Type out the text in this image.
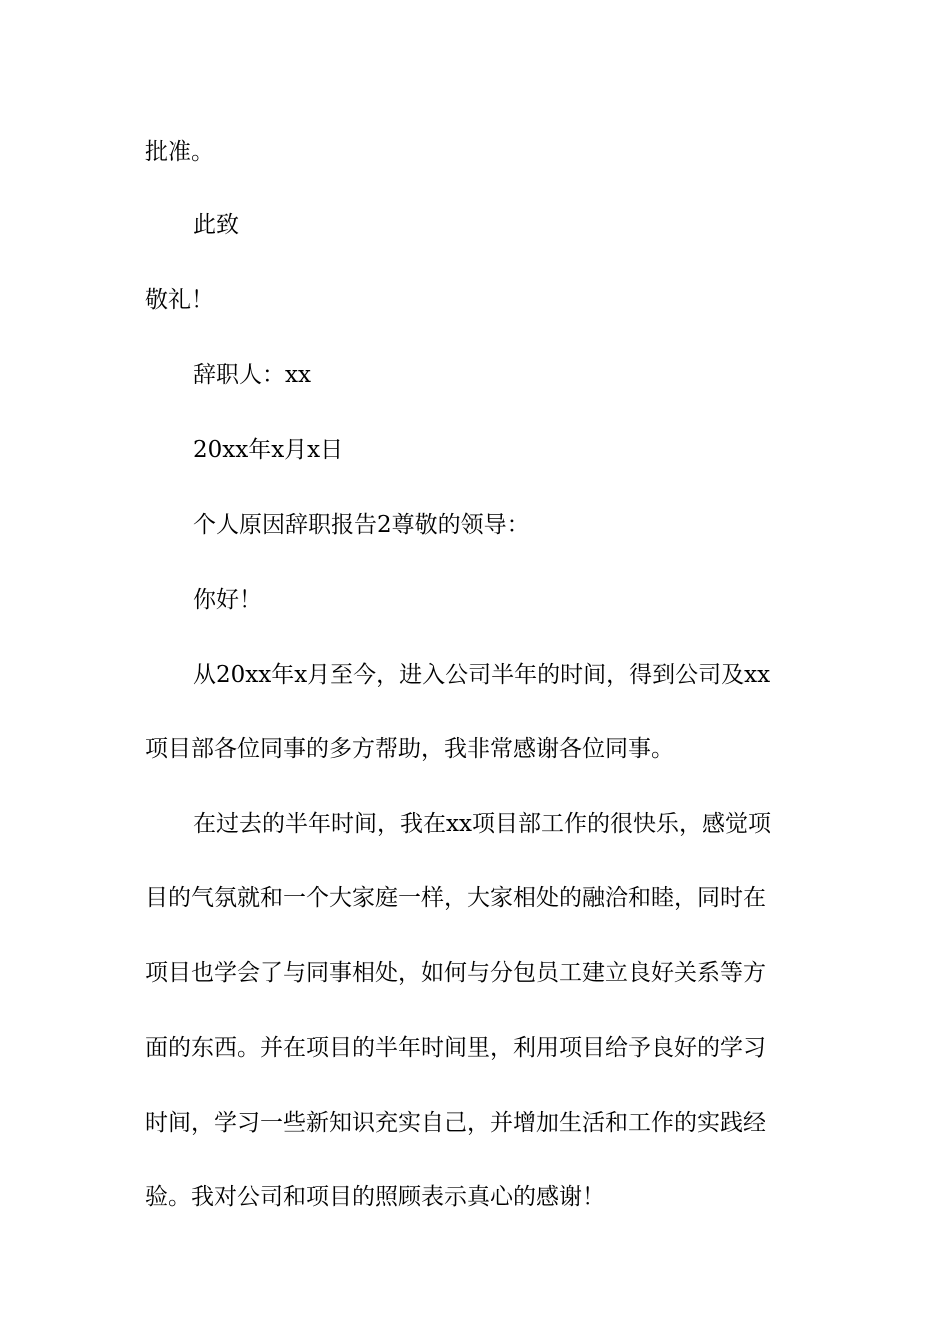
批准。
此致
敬礼！
辞职人：xx
20xx年x月x日
个人原因辞职报告2尊敬的领导：
你好！
从20xx年x月至今，进入公司半年的时间，得到公司及xx
项目部各位同事的多方帮助，我非常感谢各位同事。
在过去的半年时间，我在xx项目部工作的很快乐，感觉项
目的气氛就和一个大家庭一样，大家相处的融洽和睦，同时在
项目也学会了与同事相处，如何与分包员工建立良好关系等方
面的东西。并在项目的半年时间里，利用项目给予良好的学习
时间，学习一些新知识充实自己，并增加生活和工作的实践经
验。我对公司和项目的照顾表示真心的感谢！
